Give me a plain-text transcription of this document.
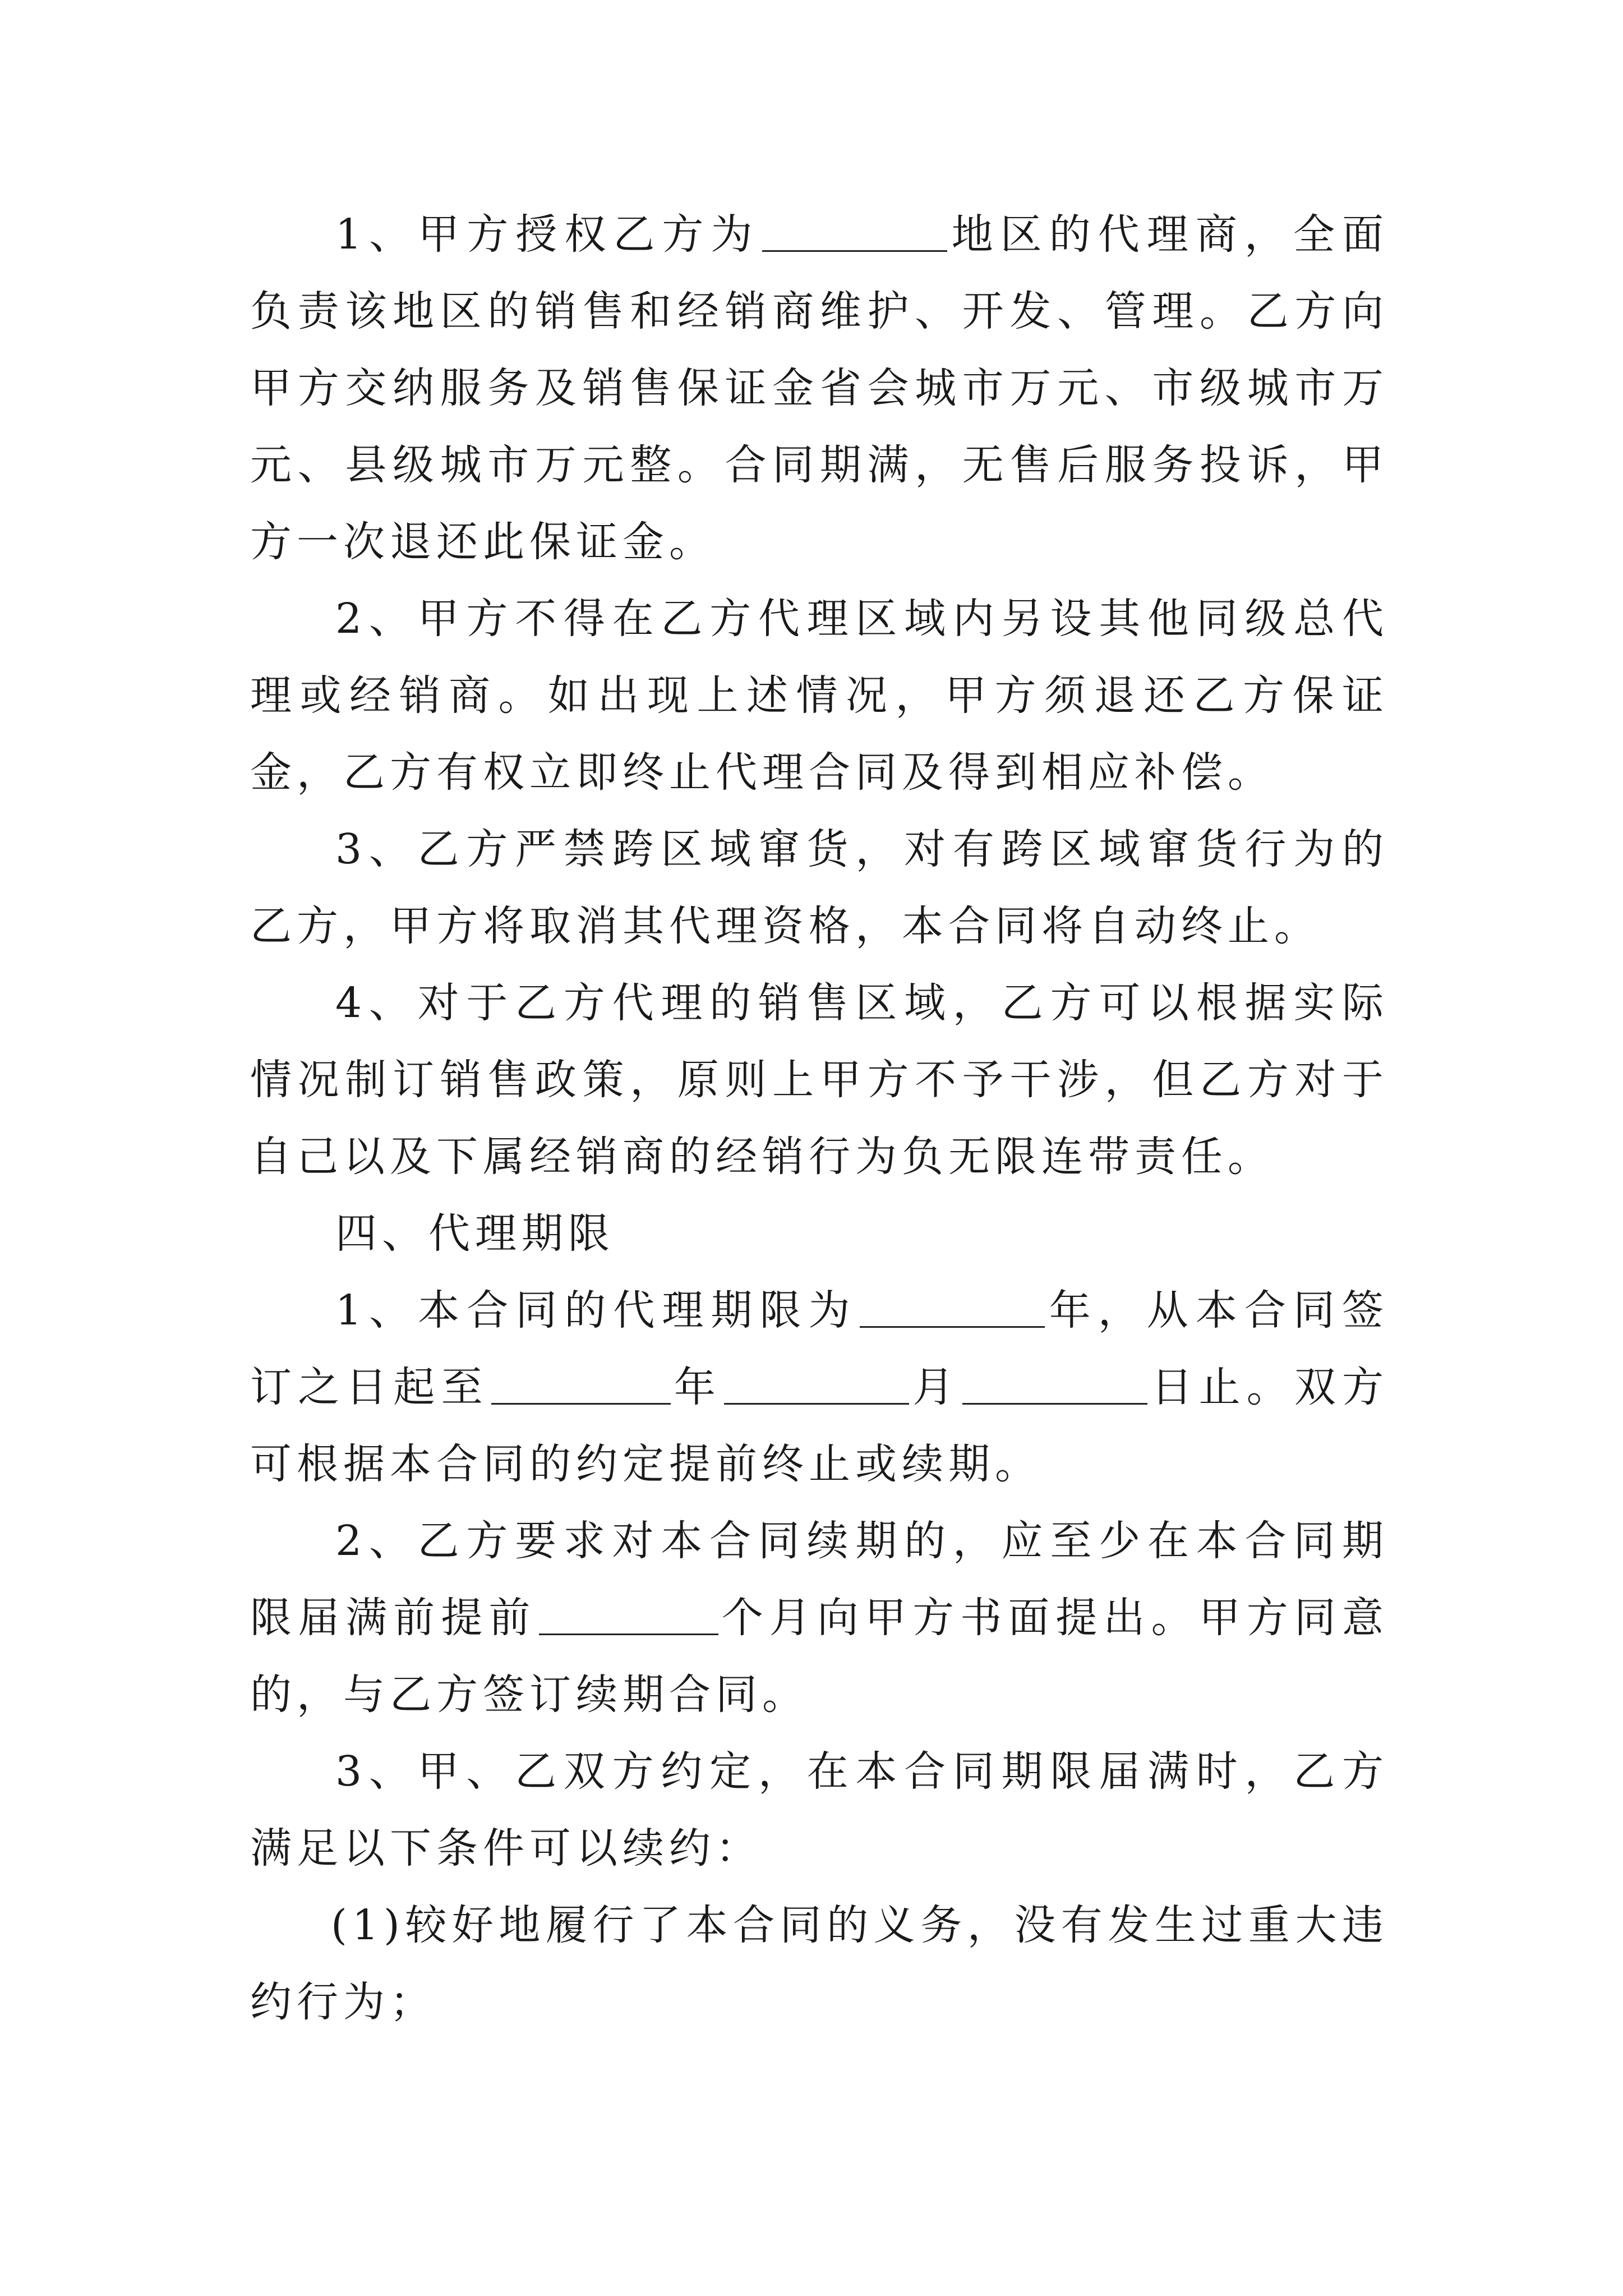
1、甲方授权乙方为	地区的代理商，全面负责该地区的销售和经销商维护、开发、管理。乙方向甲方交纳服务及销售保证金省会城市万元、市级城市万元、县级城市万元整。合同期满，无售后服务投诉，甲方一次退还此保证金。

2、甲方不得在乙方代理区域内另设其他同级总代理或经销商。如出现上述情况，甲方须退还乙方保证金，乙方有权立即终止代理合同及得到相应补偿。

3、乙方严禁跨区域窜货，对有跨区域窜货行为的乙方，甲方将取消其代理资格，本合同将自动终止。

4、对于乙方代理的销售区域，乙方可以根据实际情况制订销售政策，原则上甲方不予干涉，但乙方对于自己以及下属经销商的经销行为负无限连带责任。

四、代理期限

1、本合同的代理期限为	年，从本合同签订之日起至	年	月	日止。双方可根据本合同的约定提前终止或续期。

2、乙方要求对本合同续期的，应至少在本合同期限届满前提前	个月向甲方书面提出。甲方同意的，与乙方签订续期合同。

3、甲、乙双方约定，在本合同期限届满时，乙方满足以下条件可以续约：

(1)较好地履行了本合同的义务，没有发生过重大违约行为；
